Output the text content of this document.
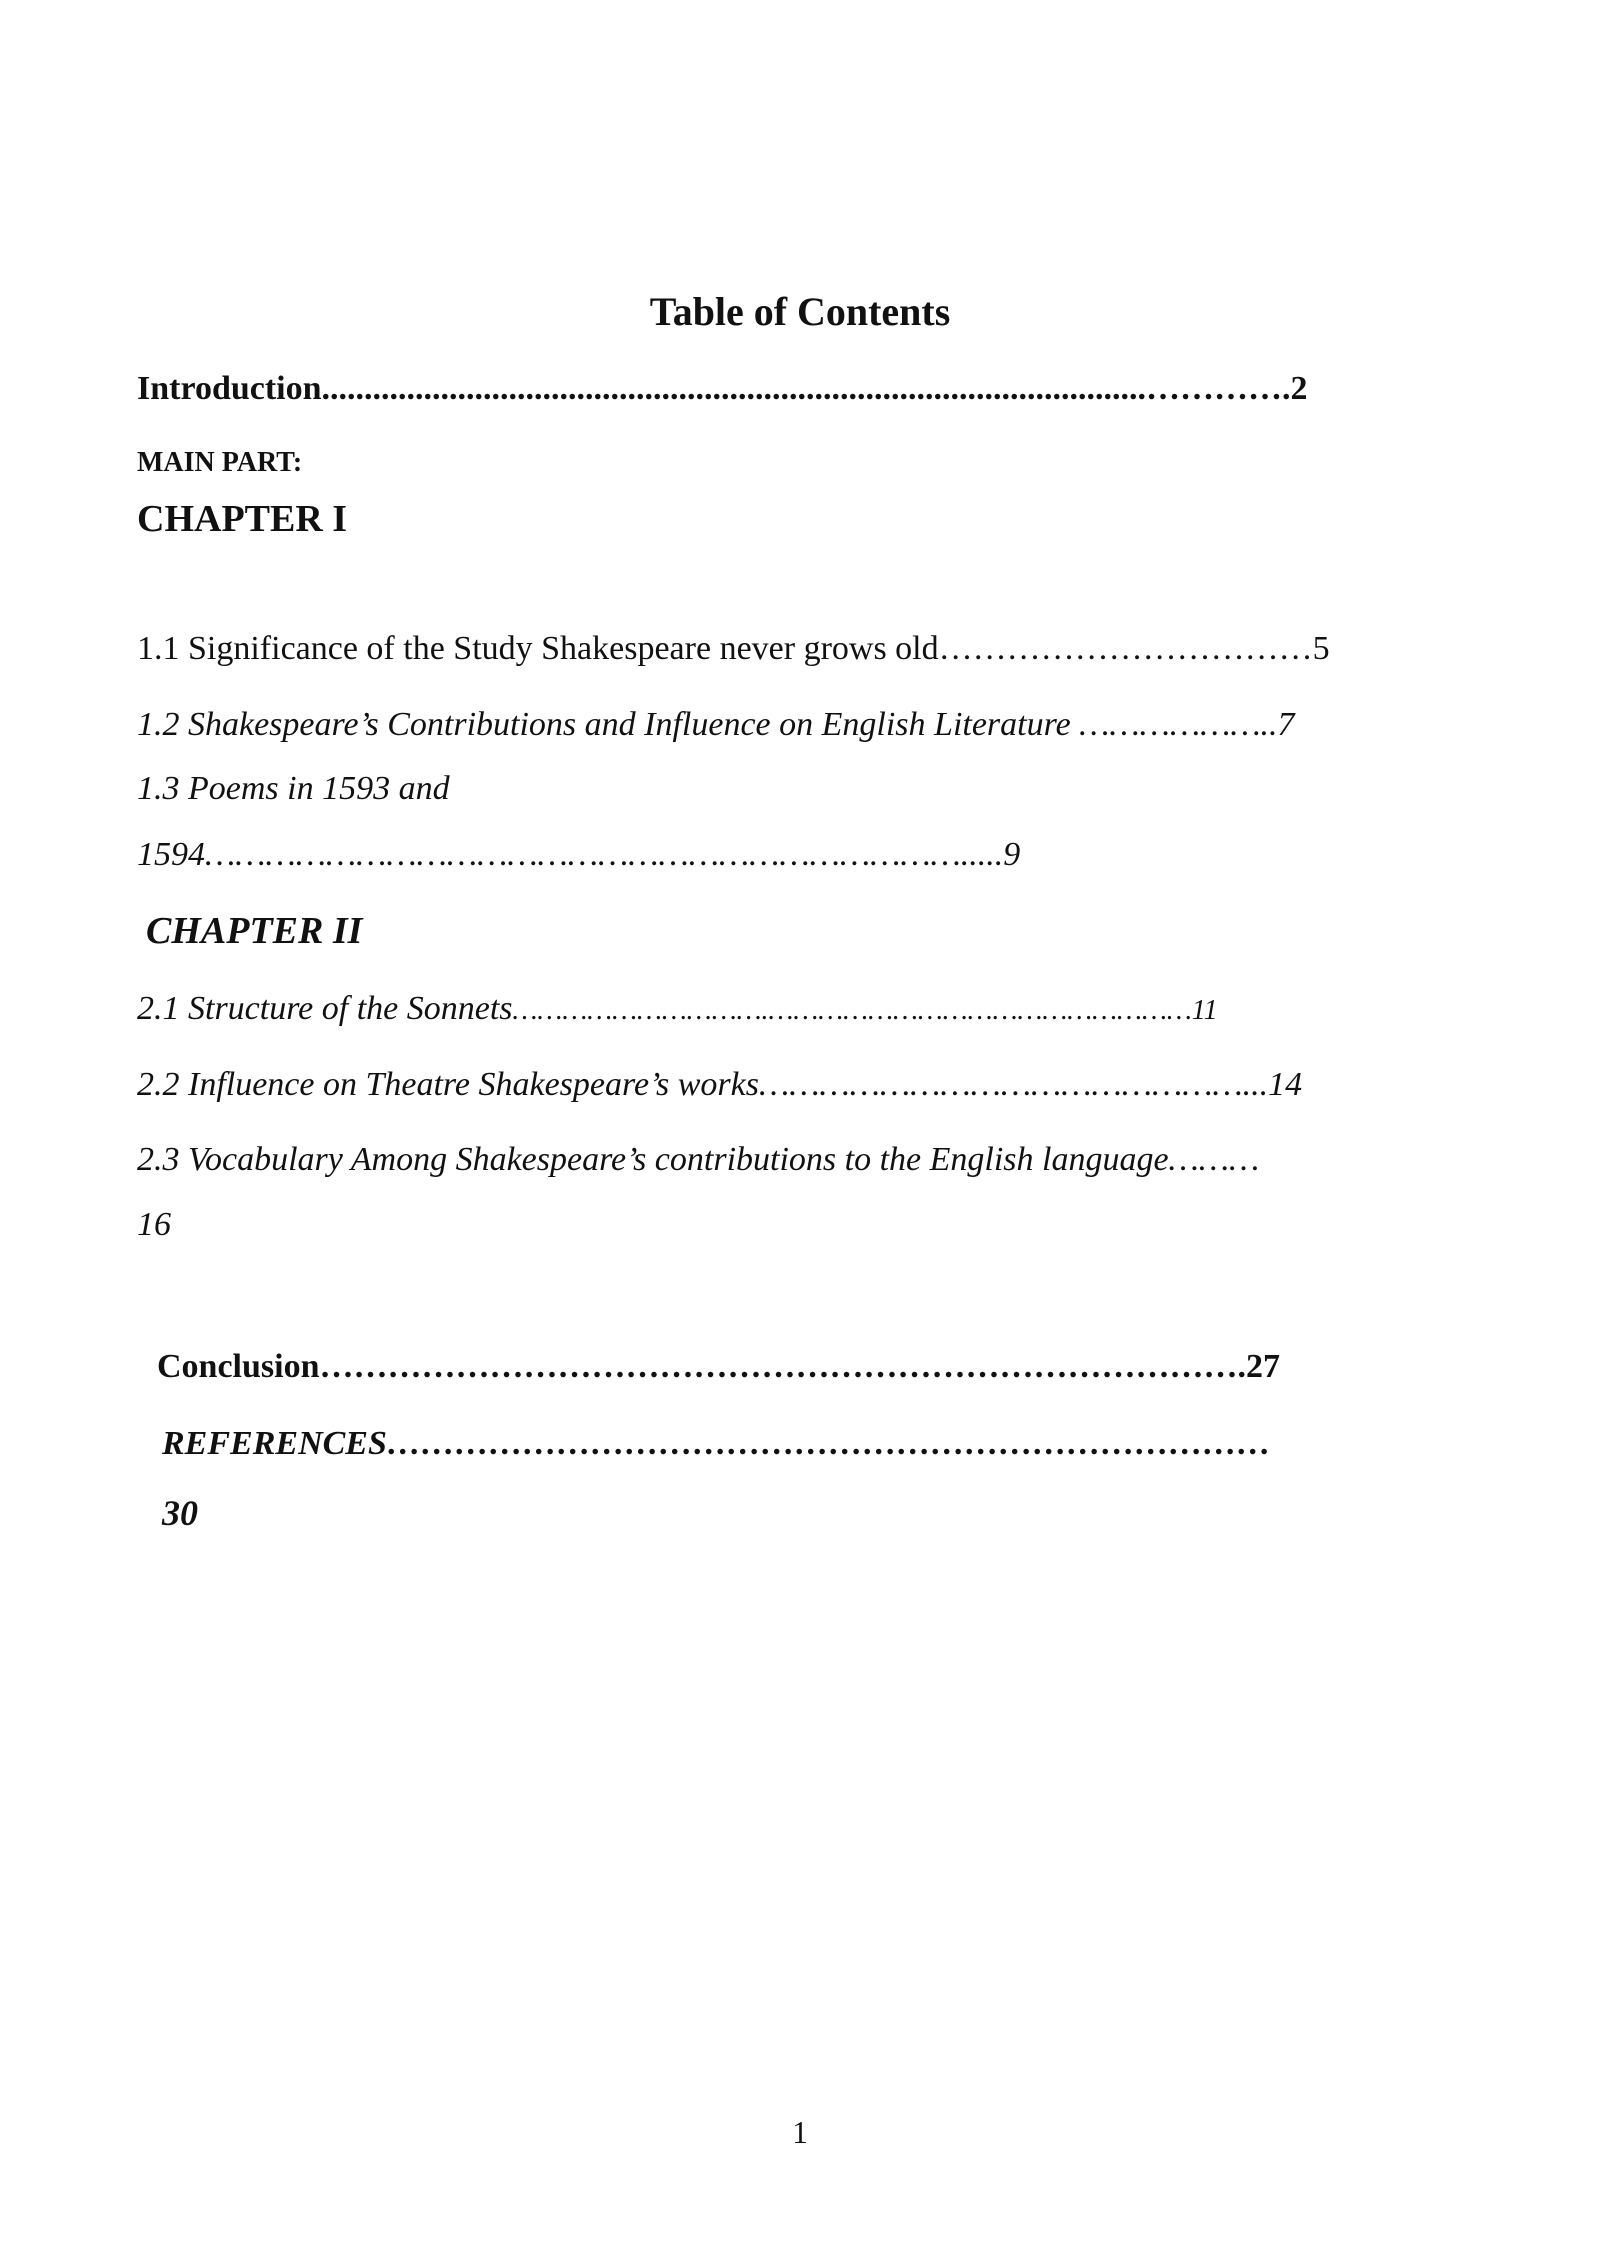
Table of Contents
Introduction.................................................................................................………….2
MAIN PART:
CHAPTER I
1.1 Significance of the Study Shakespeare never grows old……………………………5
1.2 Shakespeare’s Contributions and Influence on English Literature ………………..7
1.3 Poems in 1593 and
1594………………………………………………………………….....9
CHAPTER II
2.1 Structure of the Sonnets………………………….……………………………………………11
2.2 Influence on Theatre Shakespeare’s works…………………………………………...14
2.3 Vocabulary Among Shakespeare’s contributions to the English language………
16
Conclusion……………………………………………………………………….27
REFERENCES……………………………………………………………………
30
1
